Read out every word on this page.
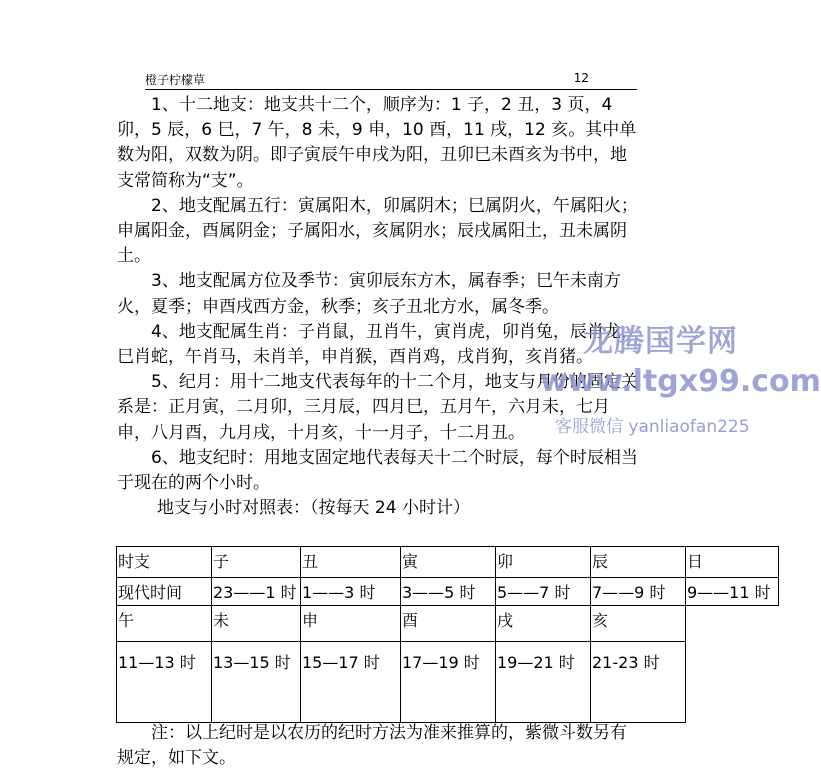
橙子柠檬草	12

1、十二地支：地支共十二个，顺序为：1 子，2 丑，3 页，4 卯，5 辰，6 巳，7 午，8 未，9 申，10 酉，11 戌，12 亥。其中单数为阳，双数为阴。即子寅辰午申戌为阳，丑卯巳未酉亥为书中，地支常简称为“支”。

2、地支配属五行：寅属阳木，卯属阴木；巳属阴火，午属阳火；申属阳金，酉属阴金；子属阳水，亥属阴水；辰戌属阳土，丑未属阴土。

3、地支配属方位及季节：寅卯辰东方木，属春季；巳午未南方火，夏季；申酉戌西方金，秋季；亥子丑北方水，属冬季。

4、地支配属生肖：子肖鼠，丑肖牛，寅肖虎，卯肖兔，辰肖龙，巳肖蛇，午肖马，未肖羊，申肖猴，酉肖鸡，戌肖狗，亥肖猪。

5、纪月：用十二地支代表每年的十二个月，地支与月份的固定关系是：正月寅，二月卯，三月辰，四月巳，五月午，六月未，七月申，八月酉，九月戌，十月亥，十一月子，十二月丑。

6、地支纪时：用地支固定地代表每天十二个时辰，每个时辰相当于现在的两个小时。

地支与小时对照表：（按每天 24 小时计）

时支	子	丑	寅	卯	辰	日
现代时间	23——1 时	1——3 时	3——5 时	5——7 时	7——9 时	9——11 时
午	未	申	酉	戌	亥	
11—13 时	13—15 时	15—17 时	17—19 时	19—21 时	21-23 时	

注：以上纪时是以农历的纪时方法为准来推算的，紫微斗数另有规定，如下文。

龙腾国学网
www.ltgx99.com
客服微信 yanliaofan225
